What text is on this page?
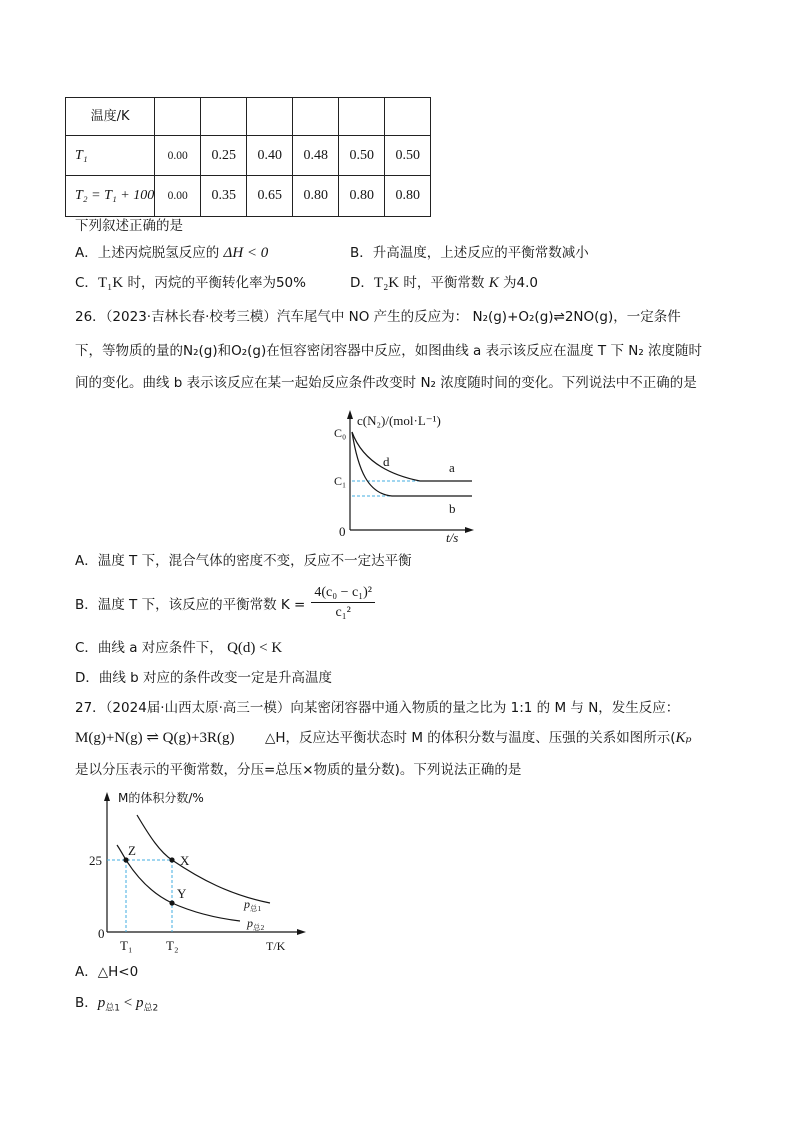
温度/K						
T₁	0.00	0.25	0.40	0.48	0.50	0.50
T₂ = T₁ + 100	0.00	0.35	0.65	0.80	0.80	0.80
下列叙述正确的是
A．上述丙烷脱氢反应的 ΔH < 0	B．升高温度，上述反应的平衡常数减小
C．T₁K 时，丙烷的平衡转化率为50%	D．T₂K 时，平衡常数 K 为4.0
26．（2023·吉林长春·校考三模）汽车尾气中 NO 产生的反应为： N₂(g)+O₂(g)⇌2NO(g)，一定条件
下，等物质的量的N₂(g)和O₂(g)在恒容密闭容器中反应，如图曲线 a 表示该反应在温度 T 下 N₂ 浓度随时
间的变化。曲线 b 表示该反应在某一起始反应条件改变时 N₂ 浓度随时间的变化。下列说法中不正确的是
c(N₂)/(mol·L⁻¹)
C₀
C₁
0	t/s
a
b
d
A．温度 T 下，混合气体的密度不变，反应不一定达平衡
B．温度 T 下，该反应的平衡常数 $K = \frac{\text{4(c₀ − c₁)²}}{\text{c₁²}}$
C．曲线 a 对应条件下， Q(d) < K
D．曲线 b 对应的条件改变一定是升高温度
27．（2024届·山西太原·高三一模）向某密闭容器中通入物质的量之比为 1:1 的 M 与 N，发生反应：
M(g)+N(g) ⇌ Q(g)+3R(g) △H，反应达平衡状态时 M 的体积分数与温度、压强的关系如图所示(Kₚ
是以分压表示的平衡常数，分压=总压×物质的量分数)。下列说法正确的是
M的体积分数/%
25
0
T₁	T₂	T/K
Z
X
Y
$p_{总1}$
$p_{总2}$
A．△H<0
B．$p_{总1} < p_{总2}$
